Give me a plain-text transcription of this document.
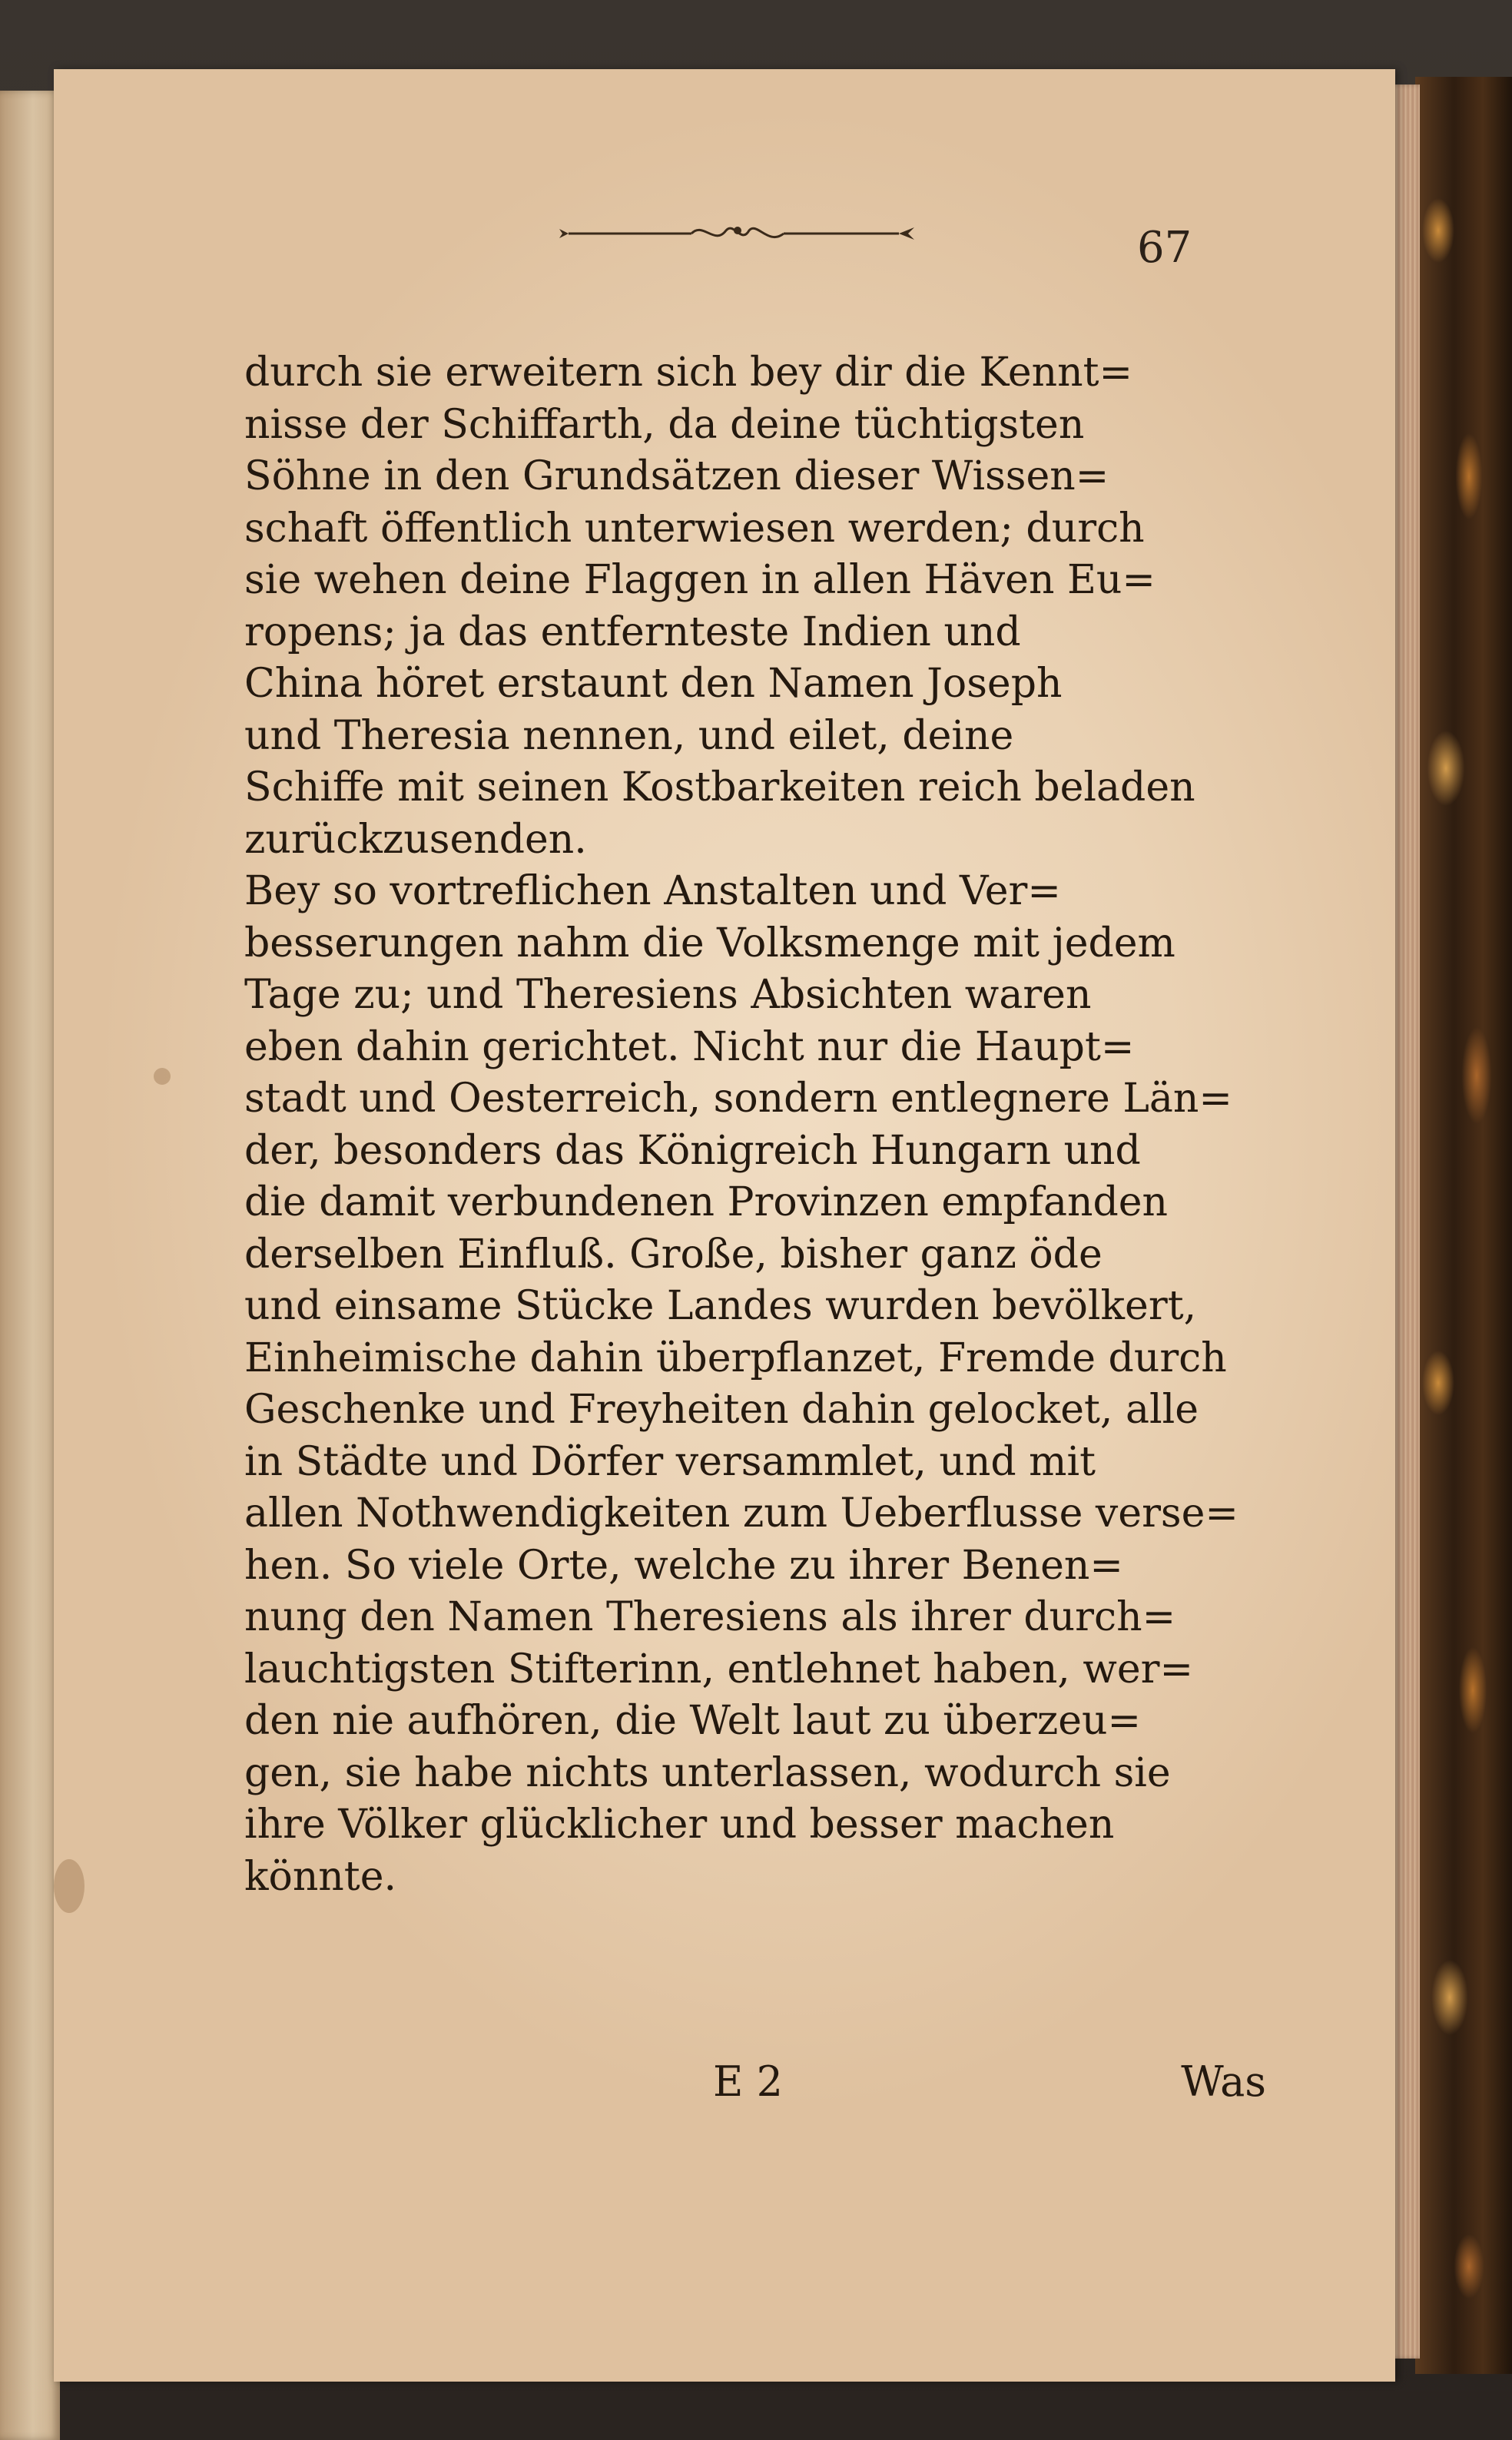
67

durch sie erweitern sich bey dir die Kennt=
nisse der Schiffarth, da deine tüchtigsten
Söhne in den Grundsätzen dieser Wissen=
schaft öffentlich unterwiesen werden; durch
sie wehen deine Flaggen in allen Häven Eu=
ropens; ja das entfernteste Indien und
China höret erstaunt den Namen Joseph
und Theresia nennen, und eilet, deine
Schiffe mit seinen Kostbarkeiten reich beladen
zurückzusenden.

Bey so vortreflichen Anstalten und Ver=
besserungen nahm die Volksmenge mit jedem
Tage zu; und Theresiens Absichten waren
eben dahin gerichtet. Nicht nur die Haupt=
stadt und Oesterreich, sondern entlegnere Län=
der, besonders das Königreich Hungarn und
die damit verbundenen Provinzen empfanden
derselben Einfluß. Große, bisher ganz öde
und einsame Stücke Landes wurden bevölkert,
Einheimische dahin überpflanzet, Fremde durch
Geschenke und Freyheiten dahin gelocket, alle
in Städte und Dörfer versammlet, und mit
allen Nothwendigkeiten zum Ueberflusse verse=
hen. So viele Orte, welche zu ihrer Benen=
nung den Namen Theresiens als ihrer durch=
lauchtigsten Stifterinn, entlehnet haben, wer=
den nie aufhören, die Welt laut zu überzeu=
gen, sie habe nichts unterlassen, wodurch sie
ihre Völker glücklicher und besser machen könnte.

E 2	Was
